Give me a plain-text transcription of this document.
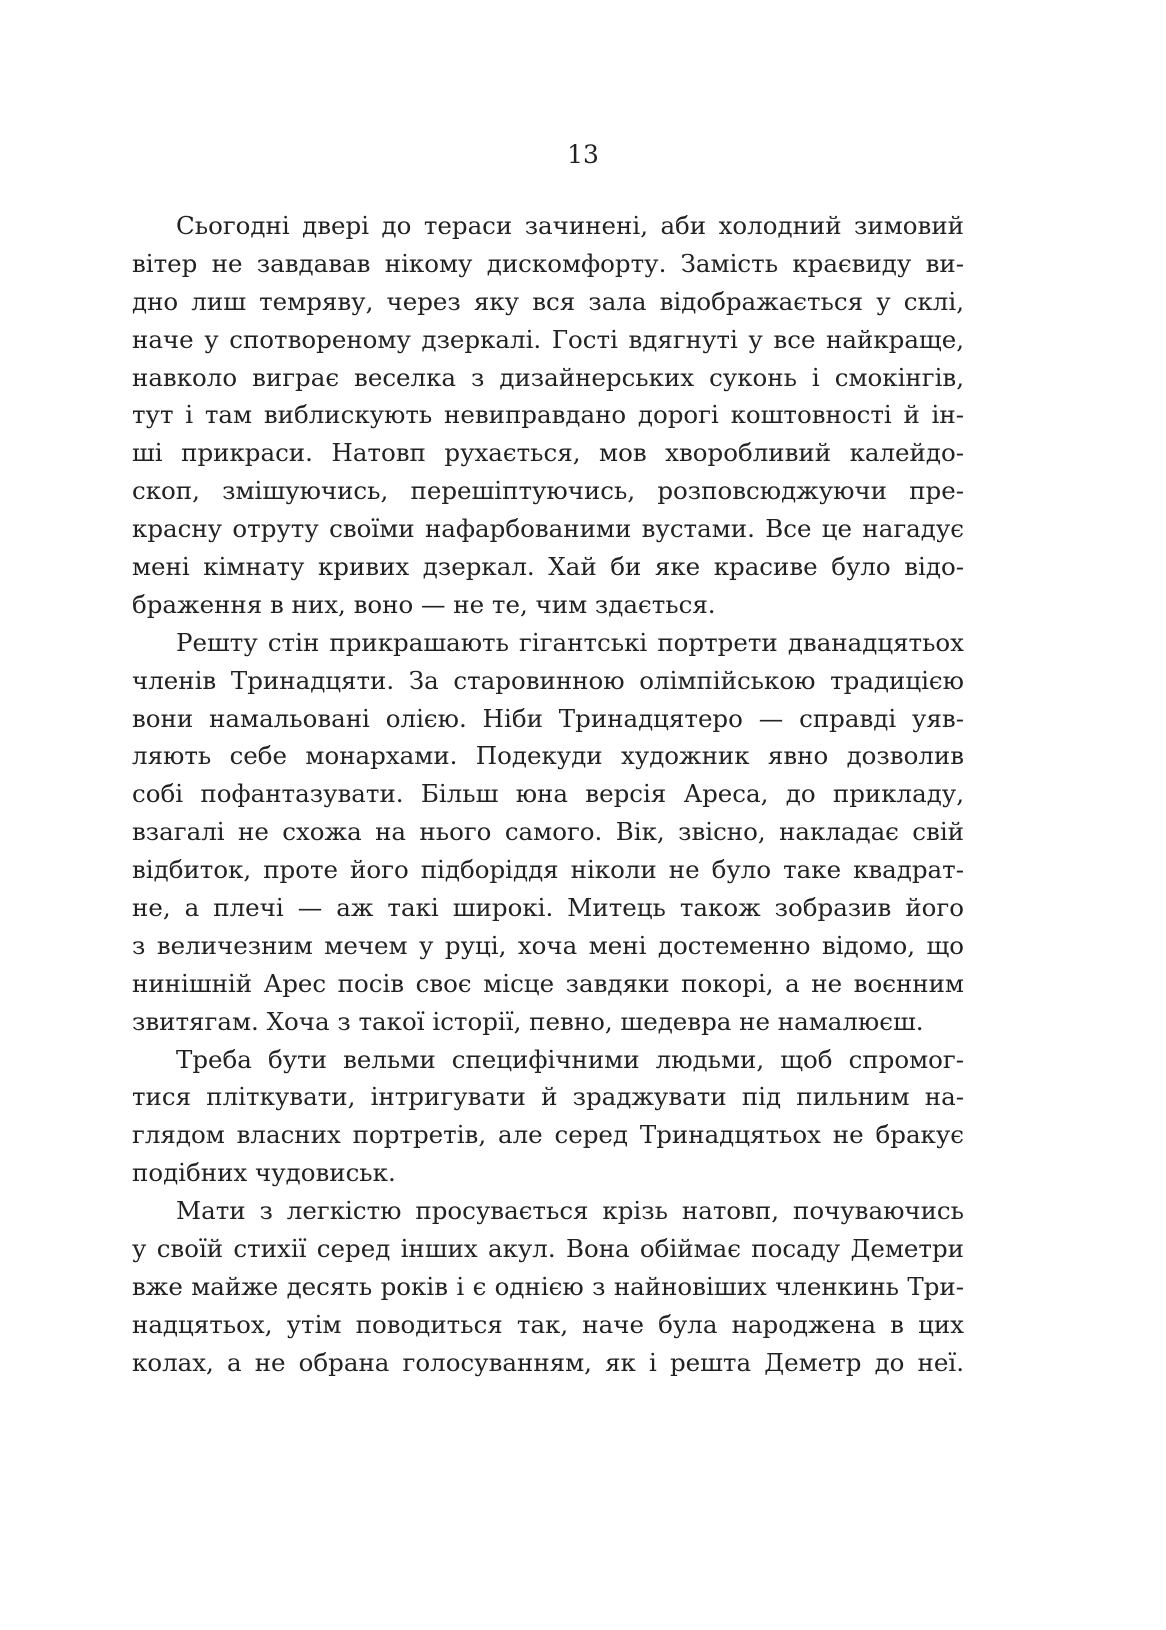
13
Сьогодні двері до тераси зачинені, аби холодний зимовий
вітер не завдавав нікому дискомфорту. Замість краєвиду ви-
дно лиш темряву, через яку вся зала відображається у склі,
наче у спотвореному дзеркалі. Гості вдягнуті у все найкраще,
навколо виграє веселка з дизайнерських суконь і смокінгів,
тут і там виблискують невиправдано дорогі коштовності й ін-
ші прикраси. Натовп рухається, мов хворобливий калейдо-
скоп, змішуючись, перешіптуючись, розповсюджуючи пре-
красну отруту своїми нафарбованими вустами. Все це нагадує
мені кімнату кривих дзеркал. Хай би яке красиве було відо-
браження в них, воно — не те, чим здається.
Решту стін прикрашають гігантські портрети дванадцятьох
членів Тринадцяти. За старовинною олімпійською традицією
вони намальовані олією. Ніби Тринадцятеро — справді уяв-
ляють себе монархами. Подекуди художник явно дозволив
собі пофантазувати. Більш юна версія Ареса, до прикладу,
взагалі не схожа на нього самого. Вік, звісно, накладає свій
відбиток, проте його підборіддя ніколи не було таке квадрат-
не, а плечі — аж такі широкі. Митець також зобразив його
з величезним мечем у руці, хоча мені достеменно відомо, що
нинішній Арес посів своє місце завдяки покорі, а не воєнним
звитягам. Хоча з такої історії, певно, шедевра не намалюєш.
Треба бути вельми специфічними людьми, щоб спромог-
тися пліткувати, інтригувати й зраджувати під пильним на-
глядом власних портретів, але серед Тринадцятьох не бракує
подібних чудовиськ.
Мати з легкістю просувається крізь натовп, почуваючись
у своїй стихії серед інших акул. Вона обіймає посаду Деметри
вже майже десять років і є однією з найновіших членкинь Три-
надцятьох, утім поводиться так, наче була народжена в цих
колах, а не обрана голосуванням, як і решта Деметр до неї.
